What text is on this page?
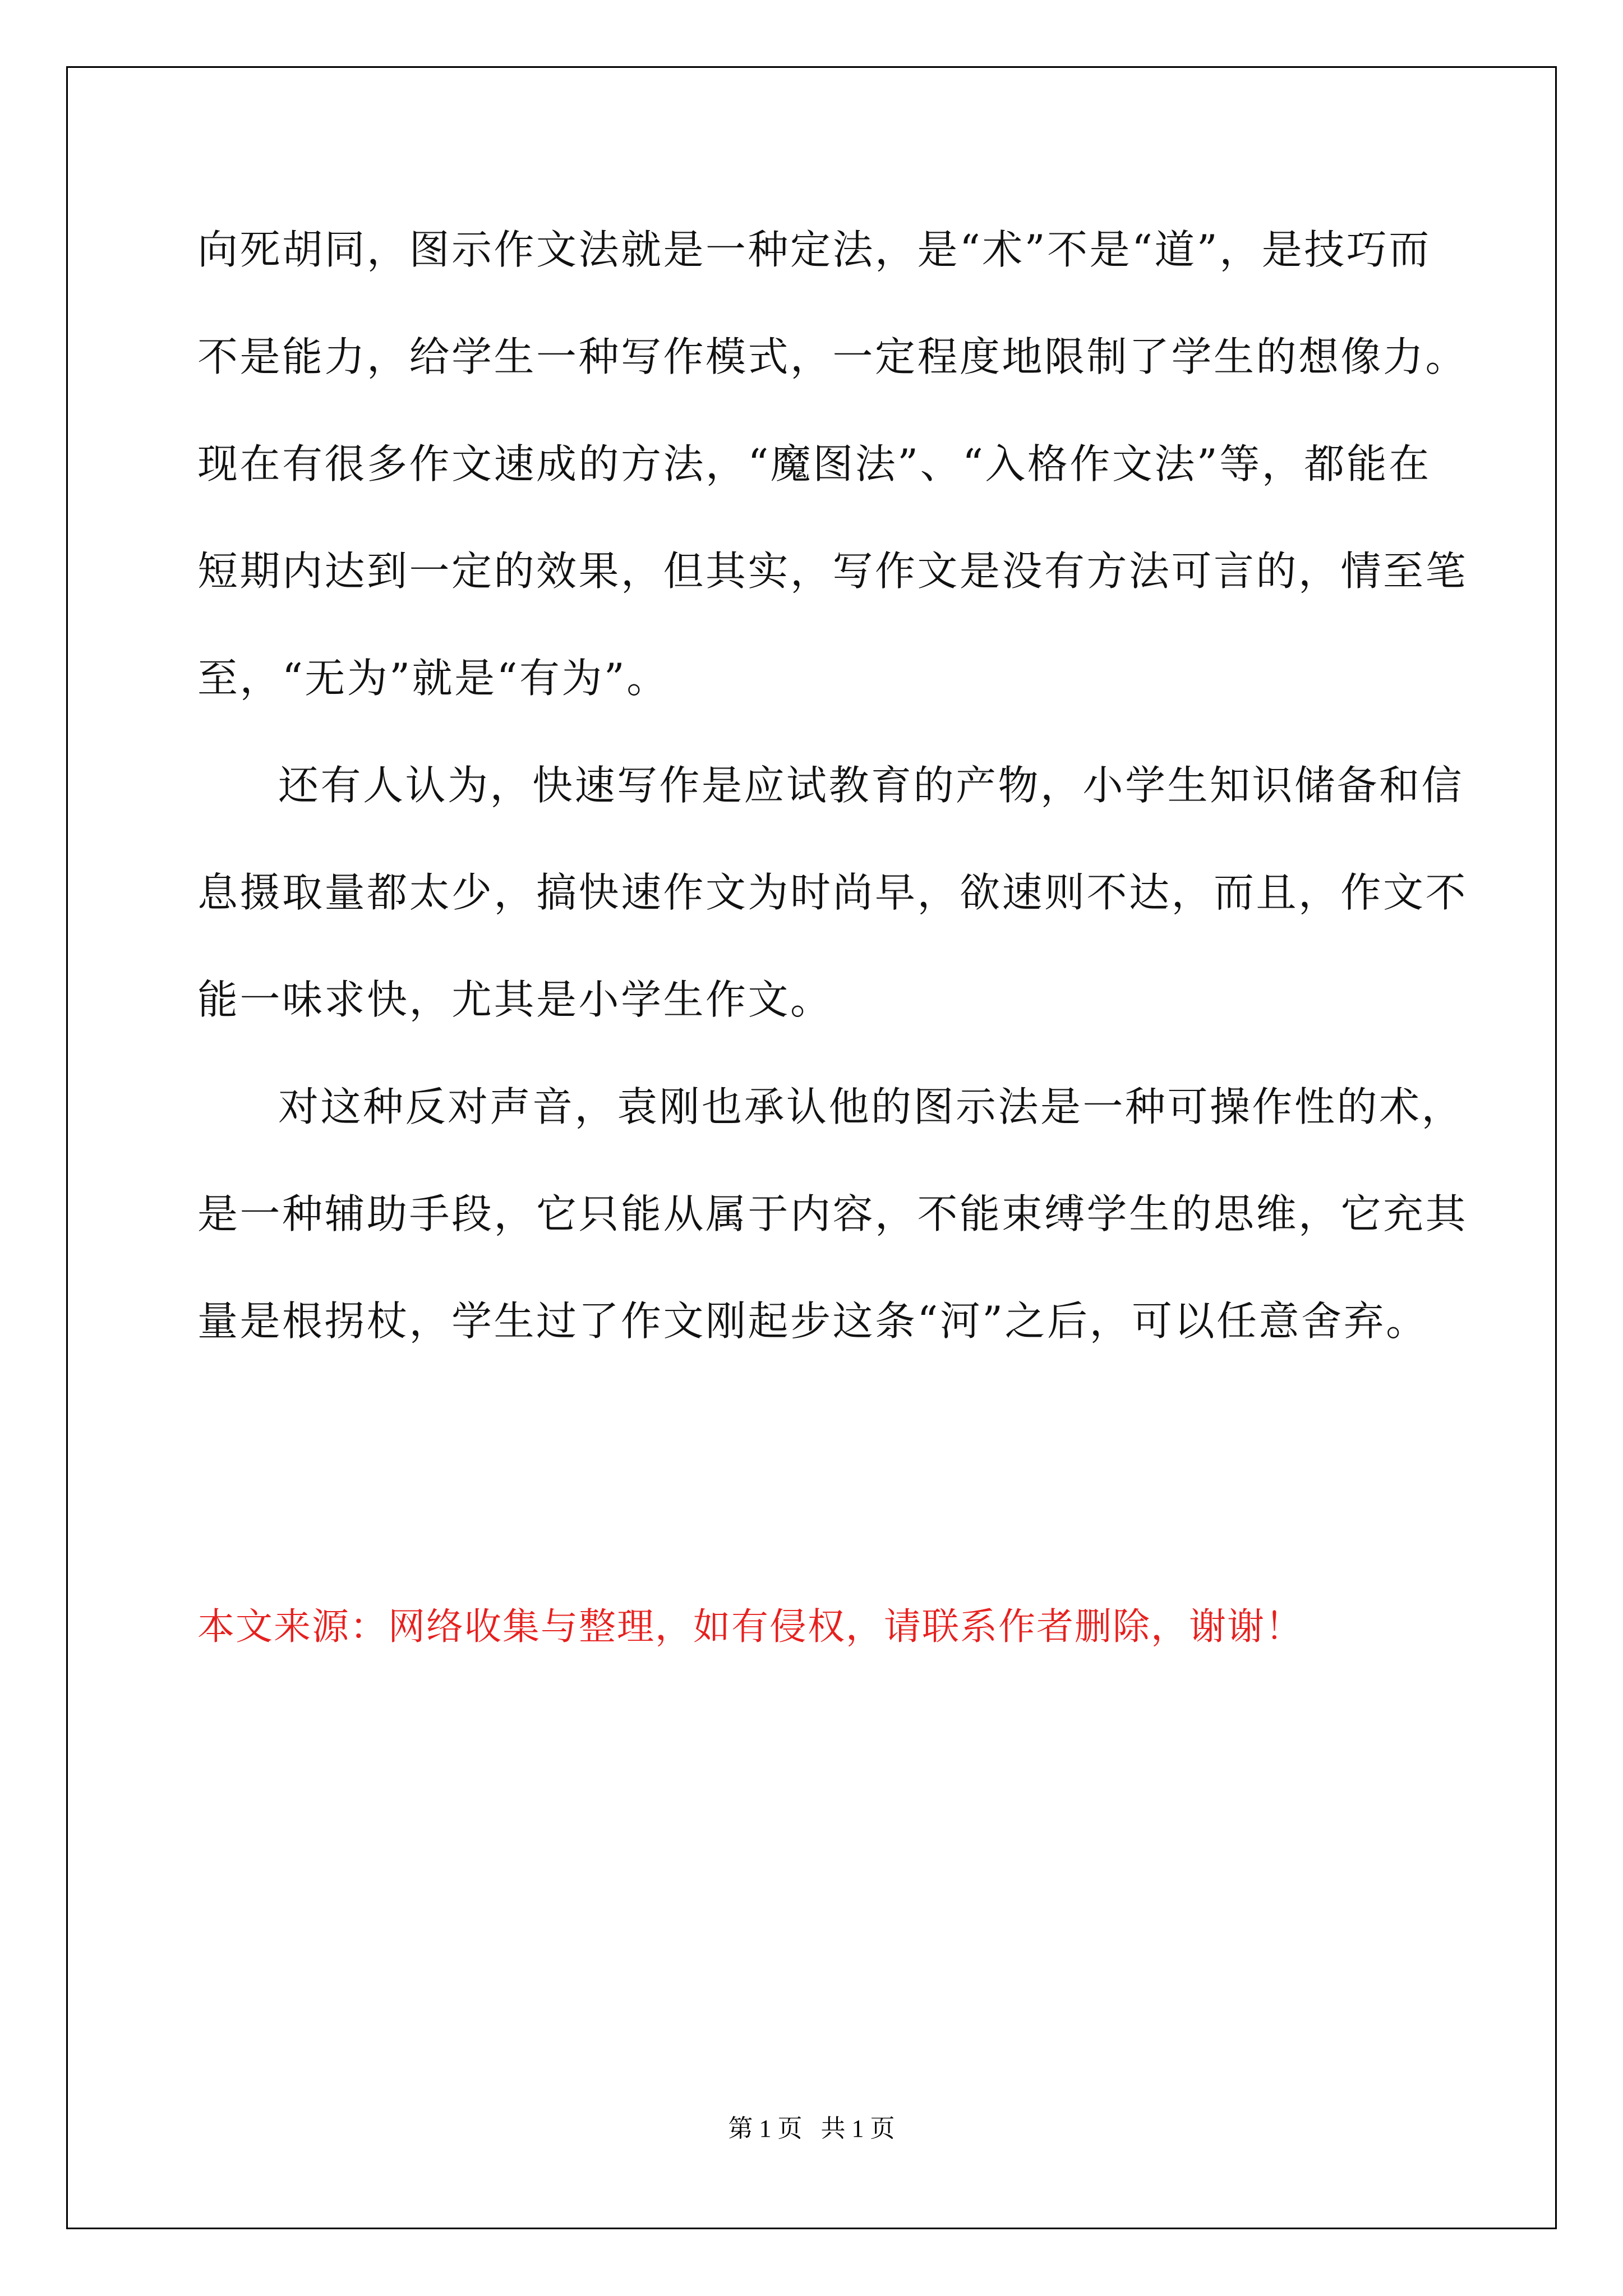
向死胡同，图示作文法就是一种定法，是“术”不是“道”，是技巧而
不是能力，给学生一种写作模式，一定程度地限制了学生的想像力。
现在有很多作文速成的方法，“魔图法”、“入格作文法”等，都能在
短期内达到一定的效果，但其实，写作文是没有方法可言的，情至笔
至，“无为”就是“有为”。
还有人认为，快速写作是应试教育的产物，小学生知识储备和信
息摄取量都太少，搞快速作文为时尚早，欲速则不达，而且，作文不
能一味求快，尤其是小学生作文。
对这种反对声音，袁刚也承认他的图示法是一种可操作性的术，
是一种辅助手段，它只能从属于内容，不能束缚学生的思维，它充其
量是根拐杖，学生过了作文刚起步这条“河”之后，可以任意舍弃。
本文来源：网络收集与整理，如有侵权，请联系作者删除，谢谢！
第 1 页   共 1 页
